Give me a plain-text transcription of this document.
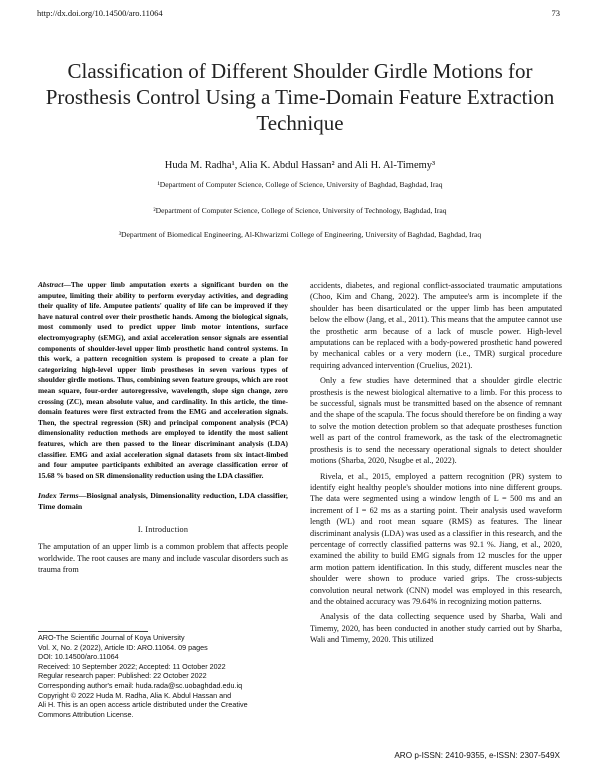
http://dx.doi.org/10.14500/aro.11064	73
Classification of Different Shoulder Girdle Motions for Prosthesis Control Using a Time-Domain Feature Extraction Technique
Huda M. Radha¹, Alia K. Abdul Hassan² and Ali H. Al-Timemy³
¹Department of Computer Science, College of Science, University of Baghdad, Baghdad, Iraq
²Department of Computer Science, College of Science, University of Technology, Baghdad, Iraq
³Department of Biomedical Engineering, Al-Khwarizmi College of Engineering, University of Baghdad, Baghdad, Iraq
Abstract—The upper limb amputation exerts a significant burden on the amputee, limiting their ability to perform everyday activities, and degrading their quality of life. Amputee patients' quality of life can be improved if they have natural control over their prosthetic hands. Among the biological signals, most commonly used to predict upper limb motor intentions, surface electromyography (sEMG), and axial acceleration sensor signals are essential components of shoulder-level upper limb prosthetic hand control systems. In this work, a pattern recognition system is proposed to create a plan for categorizing high-level upper limb prostheses in seven various types of shoulder girdle motions. Thus, combining seven feature groups, which are root mean square, four-order autoregressive, wavelength, slope sign change, zero crossing (ZC), mean absolute value, and cardinality. In this article, the time-domain features were first extracted from the EMG and acceleration signals. Then, the spectral regression (SR) and principal component analysis (PCA) dimensionality reduction methods are employed to identify the most salient features, which are then passed to the linear discriminant analysis (LDA) classifier. EMG and axial acceleration signal datasets from six intact-limbed and four amputee participants exhibited an average classification error of 15.68 % based on SR dimensionality reduction using the LDA classifier.
Index Terms—Biosignal analysis, Dimensionality reduction, LDA classifier, Time domain
I. Introduction

The amputation of an upper limb is a common problem that affects people worldwide. The root causes are many and include vascular disorders such as trauma from

ARO-The Scientific Journal of Koya University
Vol. X, No. 2 (2022), Article ID: ARO.11064. 09 pages
DOI: 10.14500/aro.11064
Received: 10 September 2022; Accepted: 11 October 2022
Regular research paper: Published: 22 October 2022
Corresponding author's email: huda.rada@sc.uobaghdad.edu.iq
Copyright © 2022 Huda M. Radha, Alia K. Abdul Hassan and
Ali H. This is an open access article distributed under the Creative
Commons Attribution License.

accidents, diabetes, and regional conflict-associated traumatic amputations (Choo, Kim and Chang, 2022). The amputee's arm is incomplete if the shoulder has been disarticulated or the upper limb has been amputated below the elbow (Jang, et al., 2011). This means that the amputee cannot use the prosthetic arm because of a lack of muscle power. High-level amputations can be replaced with a body-powered prosthetic hand powered by mechanical cables or a very modern (i.e., TMR) surgical procedure requiring advanced intervention (Cruelius, 2021).

Only a few studies have determined that a shoulder girdle electric prosthesis is the newest biological alternative to a limb. For this process to be successful, signals must be transmitted based on the absence of remnant and the shape of the scapula. The focus should therefore be on finding a way to solve the motion detection problem so that adequate prostheses function well as part of the control framework, as the task of the electromagnetic prosthesis is to send the necessary operational signals to detect shoulder motions (Sharba, 2020, Nsugbe et al., 2022).

Rivela, et al., 2015, employed a pattern recognition (PR) system to identify eight healthy people's shoulder motions into nine different groups. The data were segmented using a window length of L = 500 ms and an increment of I = 62 ms as a starting point. Their analysis used waveform length (WL) and root mean square (RMS) as features. The linear discriminant analysis (LDA) was used as a classifier in this research, and the percentage of correctly classified patterns was 92.1 %. Jiang, et al., 2020, examined the ability to build EMG signals from 12 muscles for the upper arm motion pattern identification. In this study, different muscles near the shoulder were shown to produce varied grips. The cross-subjects convolution neural network (CNN) model was employed in this research, and the obtained accuracy was 79.64% in recognizing motion patterns.

Analysis of the data collecting sequence used by Sharba, Wali and Timemy, 2020, has been conducted in another study carried out by Sharba, Wali and Timemy, 2020. This utilized

ARO p-ISSN: 2410-9355, e-ISSN: 2307-549X
